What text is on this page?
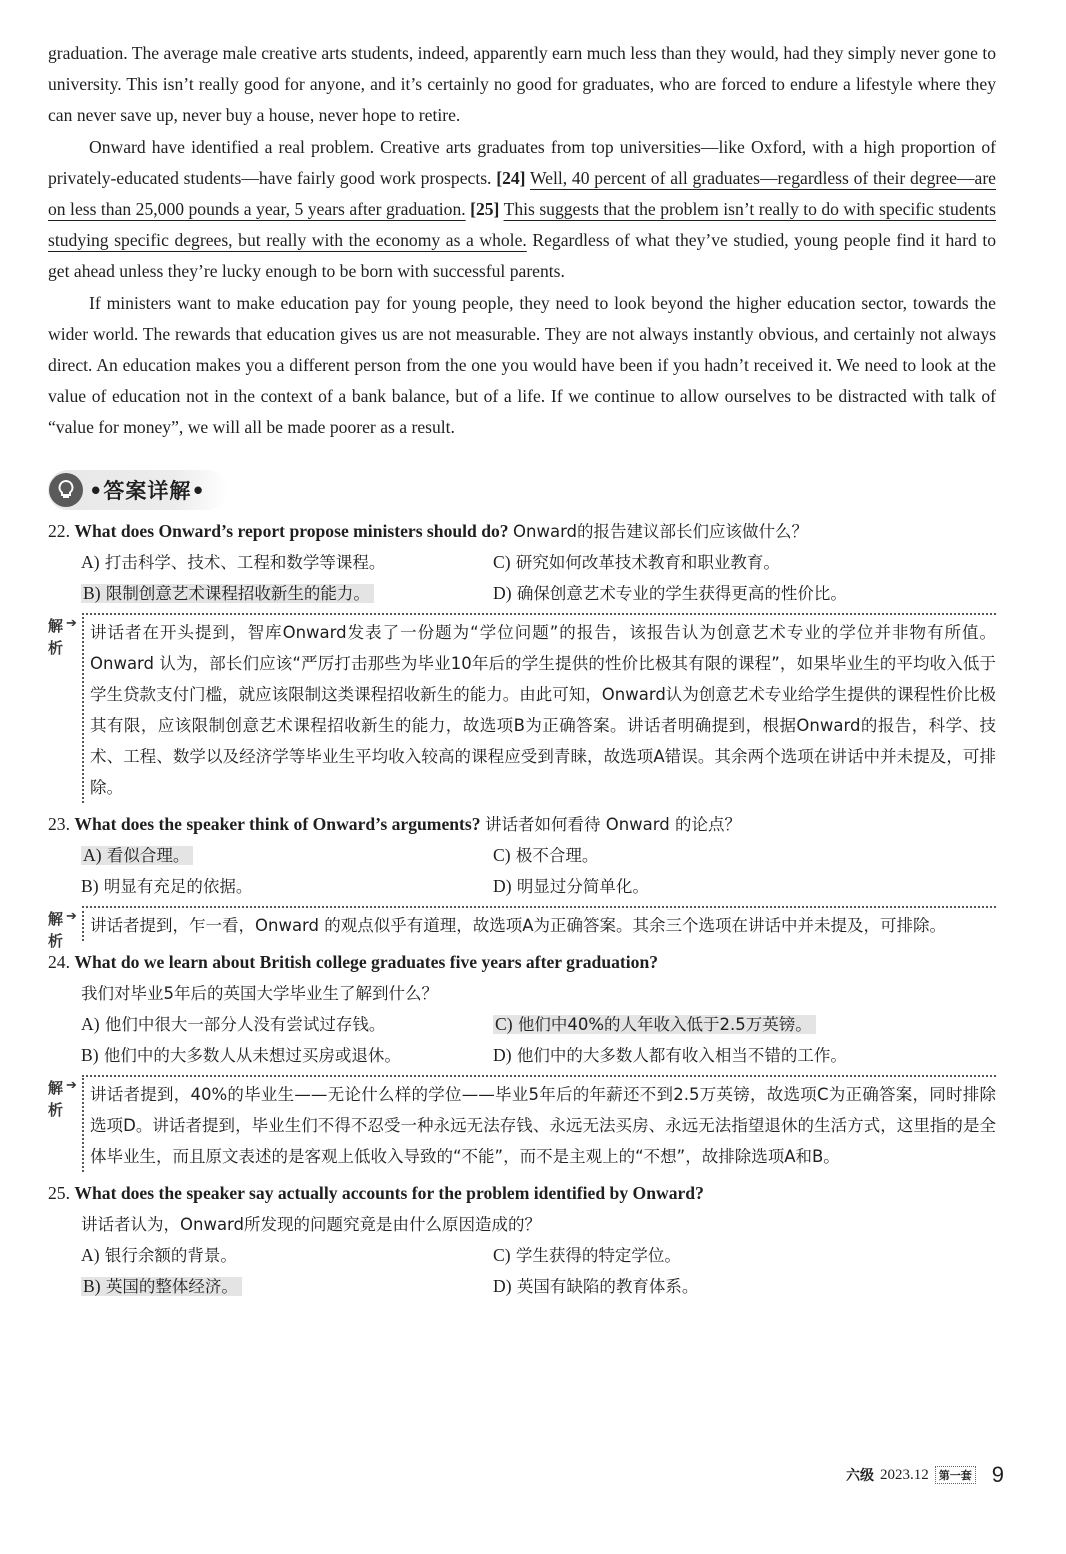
graduation. The average male creative arts students, indeed, apparently earn much less than they would, had they simply never gone to university. This isn’t really good for anyone, and it’s certainly no good for graduates, who are forced to endure a lifestyle where they can never save up, never buy a house, never hope to retire.

Onward have identified a real problem. Creative arts graduates from top universities—like Oxford, with a high proportion of privately-educated students—have fairly good work prospects. [24] Well, 40 percent of all graduates—regardless of their degree—are on less than 25,000 pounds a year, 5 years after graduation. [25] This suggests that the problem isn’t really to do with specific students studying specific degrees, but really with the economy as a whole. Regardless of what they’ve studied, young people find it hard to get ahead unless they’re lucky enough to be born with successful parents.

If ministers want to make education pay for young people, they need to look beyond the higher education sector, towards the wider world. The rewards that education gives us are not measurable. They are not always instantly obvious, and certainly not always direct. An education makes you a different person from the one you would have been if you hadn’t received it. We need to look at the value of education not in the context of a bank balance, but of a life. If we continue to allow ourselves to be distracted with talk of “value for money”, we will all be made poorer as a result.

•答案详解•
22. What does Onward’s report propose ministers should do? Onward的报告建议部长们应该做什么？
A) 打击科学、技术、工程和数学等课程。	C) 研究如何改革技术教育和职业教育。
B) 限制创意艺术课程招收新生的能力。	D) 确保创意艺术专业的学生获得更高的性价比。
解析
➔
讲话者在开头提到，智库Onward发表了一份题为“学位问题”的报告，该报告认为创意艺术专业的学位并非物有所值。Onward 认为，部长们应该“严厉打击那些为毕业10年后的学生提供的性价比极其有限的课程”，如果毕业生的平均收入低于学生贷款支付门槛，就应该限制这类课程招收新生的能力。由此可知，Onward认为创意艺术专业给学生提供的课程性价比极其有限，应该限制创意艺术课程招收新生的能力，故选项B为正确答案。讲话者明确提到，根据Onward的报告，科学、技术、工程、数学以及经济学等毕业生平均收入较高的课程应受到青睐，故选项A错误。其余两个选项在讲话中并未提及，可排除。
23. What does the speaker think of Onward’s arguments? 讲话者如何看待 Onward 的论点？
A) 看似合理。	C) 极不合理。
B) 明显有充足的依据。	D) 明显过分简单化。
解析
➔
讲话者提到，乍一看，Onward 的观点似乎有道理，故选项A为正确答案。其余三个选项在讲话中并未提及，可排除。
24. What do we learn about British college graduates five years after graduation?
我们对毕业5年后的英国大学毕业生了解到什么？
A) 他们中很大一部分人没有尝试过存钱。	C) 他们中40%的人年收入低于2.5万英镑。
B) 他们中的大多数人从未想过买房或退休。	D) 他们中的大多数人都有收入相当不错的工作。
解析
➔
讲话者提到，40%的毕业生——无论什么样的学位——毕业5年后的年薪还不到2.5万英镑，故选项C为正确答案，同时排除选项D。讲话者提到，毕业生们不得不忍受一种永远无法存钱、永远无法买房、永远无法指望退休的生活方式，这里指的是全体毕业生，而且原文表述的是客观上低收入导致的“不能”，而不是主观上的“不想”，故排除选项A和B。
25. What does the speaker say actually accounts for the problem identified by Onward?
讲话者认为，Onward所发现的问题究竟是由什么原因造成的？
A) 银行余额的背景。	C) 学生获得的特定学位。
B) 英国的整体经济。	D) 英国有缺陷的教育体系。
六级 2023.12 第一套 9
